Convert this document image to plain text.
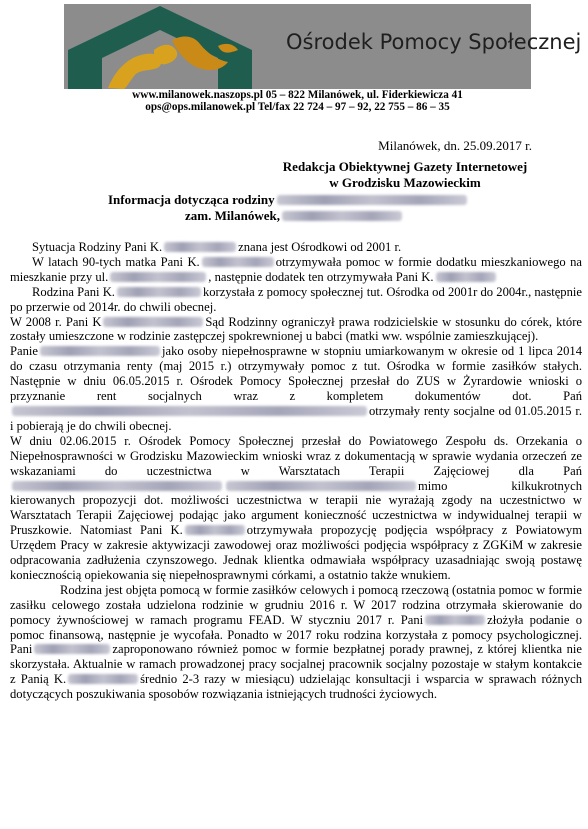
Ośrodek Pomocy Społecznej
www.milanowek.naszops.pl 05 – 822 Milanówek, ul. Fiderkiewicza 41
ops@ops.milanowek.pl Tel/fax 22 724 – 97 – 92, 22 755 – 86 – 35
Milanówek, dn. 25.09.2017 r.
Redakcja Obiektywnej Gazety Internetowej
w Grodzisku Mazowieckim
Informacja dotycząca rodziny
zam. Milanówek,

Sytuacja Rodziny Pani K.	znana jest Ośrodkowi od 2001 r.

W latach 90-tych matka Pani K.	otrzymywała pomoc w formie dodatku mieszkaniowego na mieszkanie przy ul.	, następnie dodatek ten otrzymywała Pani K.

Rodzina Pani K.	korzystała z pomocy społecznej tut. Ośrodka od 2001r do 2004r., następnie po przerwie od 2014r. do chwili obecnej.

W 2008 r. Pani K	Sąd Rodzinny ograniczył prawa rodzicielskie w stosunku do córek, które zostały umieszczone w rodzinie zastępczej spokrewnionej u babci (matki ww. wspólnie zamieszkującej).

Panie	jako osoby niepełnosprawne w stopniu umiarkowanym w okresie od 1 lipca 2014 do czasu otrzymania renty (maj 2015 r.) otrzymywały pomoc z tut. Ośrodka w formie zasiłków stałych. Następnie w dniu 06.05.2015 r. Ośrodek Pomocy Społecznej przesłał do ZUS w Żyrardowie wnioski o przyznanie rent socjalnych wraz z kompletem dokumentów dot. Pańotrzymały renty socjalne od 01.05.2015 r. i pobierają je do chwili obecnej.

W dniu 02.06.2015 r. Ośrodek Pomocy Społecznej przesłał do Powiatowego Zespołu ds. Orzekania o Niepełnosprawności w Grodzisku Mazowieckim wnioski wraz z dokumentacją w sprawie wydania orzeczeń ze wskazaniami do uczestnictwa w Warsztatach Terapii Zajęciowej dla Pańmimo kilkukrotnych kierowanych propozycji dot. możliwości uczestnictwa w terapii nie wyrażają zgody na uczestnictwo w Warsztatach Terapii Zajęciowej podając jako argument konieczność uczestnictwa w indywidualnej terapii w Pruszkowie. Natomiast Pani K.	otrzymywała propozycję podjęcia współpracy z Powiatowym Urzędem Pracy w zakresie aktywizacji zawodowej oraz możliwości podjęcia współpracy z ZGKiM w zakresie odpracowania zadłużenia czynszowego. Jednak klientka odmawiała współpracy uzasadniając swoją postawę koniecznością opiekowania się niepełnosprawnymi córkami, a ostatnio także wnukiem.

Rodzina jest objęta pomocą w formie zasiłków celowych i pomocą rzeczową (ostatnia pomoc w formie zasiłku celowego została udzielona rodzinie w grudniu 2016 r. W 2017 rodzina otrzymała skierowanie do pomocy żywnościowej w ramach programu FEAD. W styczniu 2017 r. Pani	złożyła podanie o pomoc finansową, następnie je wycofała. Ponadto w 2017 roku rodzina korzystała z pomocy psychologicznej. Pani	zaproponowano również pomoc w formie bezpłatnej porady prawnej, z której klientka nie skorzystała. Aktualnie w ramach prowadzonej pracy socjalnej pracownik socjalny pozostaje w stałym kontakcie z Panią K.	średnio 2-3 razy w miesiącu) udzielając konsultacji i wsparcia w sprawach różnych dotyczących poszukiwania sposobów rozwiązania istniejących trudności życiowych.
